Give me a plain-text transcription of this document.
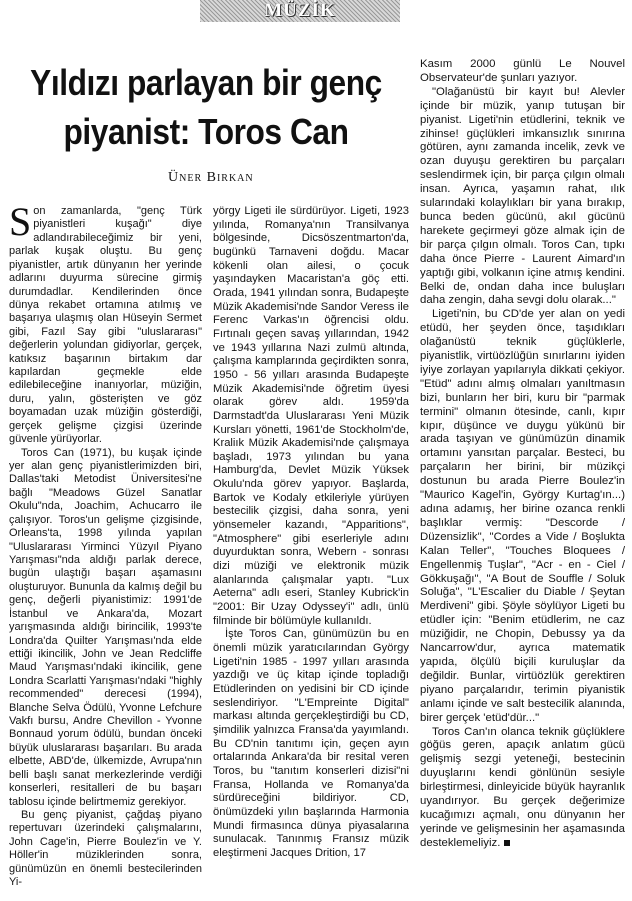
MÜZİK
Yıldızı parlayan bir genç piyanist: Toros Can

Üner Birkan

Son zamanlarda, "genç Türk piyanistleri kuşağı" diye adlandırabileceğimiz bir yeni, parlak kuşak oluştu. Bu genç piyanistler, artık dünyanın her yerinde adlarını duyurma sürecine girmiş durumdadlar. Kendilerinden önce dünya rekabet ortamına atılmış ve başarıya ulaşmış olan Hüseyin Sermet gibi, Fazıl Say gibi "uluslararası" değerlerin yolundan gidiyorlar, gerçek, katıksız başarının birtakım dar kapılardan geçmekle elde edilebileceğine inanıyorlar, müziğin, duru, yalın, gösterişten ve göz boyamadan uzak müziğin gösterdiği, gerçek gelişme çizgisi üzerinde güvenle yürüyorlar.

Toros Can (1971), bu kuşak içinde yer alan genç piyanistlerimizden biri, Dallas'taki Metodist Üniversitesi'ne bağlı "Meadows Güzel Sanatlar Okulu"nda, Joachim, Achucarro ile çalışıyor. Toros'un gelişme çizgisinde, Orleans'ta, 1998 yılında yapılan "Uluslararası Yirminci Yüzyıl Piyano Yarışması"nda aldığı parlak derece, bugün ulaştığı başarı aşamasını oluşturuyor. Bununla da kalmış değil bu genç, değerli piyanistimiz: 1991'de İstanbul ve Ankara'da, Mozart yarışmasında aldığı birincilik, 1993'te Londra'da Quilter Yarışması'nda elde ettiği ikincilik, John ve Jean Redcliffe Maud Yarışması'ndaki ikincilik, gene Londra Scarlatti Yarışması'ndaki "highly recommended" derecesi (1994), Blanche Selva Ödülü, Yvonne Lefchure Vakfı bursu, Andre Chevillon - Yvonne Bonnaud yorum ödülü, bundan önceki büyük uluslararası başarıları. Bu arada elbette, ABD'de, ülkemizde, Avrupa'nın belli başlı sanat merkezlerinde verdiği konserleri, resitalleri de bu başarı tablosu içinde belirtmemiz gerekiyor.

Bu genç piyanist, çağdaş piyano repertuvarı üzerindeki çalışmalarını, John Cage'in, Pierre Boulez'in ve Y. Höller'in müziklerinden sonra, günümüzün en önemli bestecilerinden Yi-

yörgy Ligeti ile sürdürüyor. Ligeti, 1923 yılında, Romanya'nın Transilvanya bölgesinde, Dicsöszentmarton'da, bugünkü Tarnaveni doğdu. Macar kökenli olan ailesi, o çocuk yaşındayken Macaristan'a göç etti. Orada, 1941 yılından sonra, Budapeşte Müzik Akademisi'nde Sandor Veress ile Ferenc Varkas'ın öğrencisi oldu. Fırtınalı geçen savaş yıllarından, 1942 ve 1943 yıllarına Nazi zulmü altında, çalışma kamplarında geçirdikten sonra, 1950 - 56 yılları arasında Budapeşte Müzik Akademisi'nde öğretim üyesi olarak görev aldı. 1959'da Darmstadt'da Uluslararası Yeni Müzik Kursları yönetti, 1961'de Stockholm'de, Kraliık Müzik Akademisi'nde çalışmaya başladı, 1973 yılından bu yana Hamburg'da, Devlet Müzik Yüksek Okulu'nda görev yapıyor. Başlarda, Bartok ve Kodaly etkileriyle yürüyen bestecilik çizgisi, daha sonra, yeni yönsemeler kazandı, "Apparitions", "Atmosphere" gibi eserleriyle adını duyurduktan sonra, Webern - sonrası dizi müziği ve elektronik müzik alanlarında çalışmalar yaptı. "Lux Aeterna" adlı eseri, Stanley Kubrick'in "2001: Bir Uzay Odyssey'i" adlı, ünlü filminde bir bölümüyle kullanıldı.

İşte Toros Can, günümüzün bu en önemli müzik yaratıcılarından György Ligeti'nin 1985 - 1997 yılları arasında yazdığı ve üç kitap içinde topladığı Etüdlerinden on yedisini bir CD içinde seslendiriyor. "L'Empreinte Digital" markası altında gerçekleştirdiği bu CD, şimdilik yalnızca Fransa'da yayımlandı. Bu CD'nin tanıtımı için, geçen ayın ortalarında Ankara'da bir resital veren Toros, bu "tanıtım konserleri dizisi"ni Fransa, Hollanda ve Romanya'da sürdüreceğini bildiriyor. CD, önümüzdeki yılın başlarında Harmonia Mundi firmasınca dünya piyasalarına sunulacak. Tanınmış Fransız müzik eleştirmeni Jacques Drition, 17

Kasım 2000 günlü Le Nouvel Observateur'de şunları yazıyor.

"Olağanüstü bir kayıt bu! Alevler içinde bir müzik, yanıp tutuşan bir piyanist. Ligeti'nin etüdlerini, teknik ve zihinse! güçlükleri imkansızlık sınırına götüren, aynı zamanda incelik, zevk ve ozan duyuşu gerektiren bu parçaları seslendirmek için, bir parça çılgın olmalı insan. Ayrıca, yaşamın rahat, ılık sularındaki kolaylıkları bir yana bırakıp, bunca beden gücünü, akıl gücünü harekete geçirmeyi göze almak için de bir parça çılgın olmalı. Toros Can, tıpkı daha önce Pierre - Laurent Aimard'ın yaptığı gibi, volkanın içine atmış kendini. Belki de, ondan daha ince buluşları daha zengin, daha sevgi dolu olarak..."

Ligeti'nin, bu CD'de yer alan on yedi etüdü, her şeyden önce, taşıdıkları olağanüstü teknik güçlüklerle, piyanistlik, virtüözlüğün sınırlarını iyiden iyiye zorlayan yapılarıyla dikkati çekiyor. "Etüd" adını almış olmaları yanıltmasın bizi, bunların her biri, kuru bir "parmak termini" olmanın ötesinde, canlı, kıpır kıpır, düşünce ve duygu yükünü bir arada taşıyan ve günümüzün dinamik ortamını yansıtan parçalar. Besteci, bu parçaların her birini, bir müzikçi dostunun bu arada Pierre Boulez'in "Maurico Kagel'in, György Kurtag'ın...) adına adamış, her birine ozanca renkli başlıklar vermiş: "Descorde / Düzensizlik", "Cordes a Vide / Boşlukta Kalan Teller", "Touches Bloquees / Engellenmiş Tuşlar", "Acr - en - Ciel / Gökkuşağı", "A Bout de Souffle / Soluk Soluğa", "L'Escalier du Diable / Şeytan Merdiveni" gibi. Şöyle söylüyor Ligeti bu etüdler için: "Benim etüdlerim, ne caz müziğidir, ne Chopin, Debussy ya da Nancarrow'dur, ayrıca matematik yapıda, ölçülü biçili kuruluşlar da değildir. Bunlar, virtüözlük gerektiren piyano parçalarıdır, terimin piyanistik anlamı içinde ve salt bestecilik alanında, birer gerçek 'etüd'dür..."

Toros Can'ın olanca teknik güçlüklere göğüs geren, apaçık anlatım gücü gelişmiş sezgi yeteneği, bestecinin duyuşlarını kendi gönlünün sesiyle birleştirmesi, dinleyicide büyük hayranlık uyandırıyor. Bu gerçek değerimize kucağımızı açmalı, onu dünyanın her yerinde ve gelişmesinin her aşamasında desteklemeliyiz.
